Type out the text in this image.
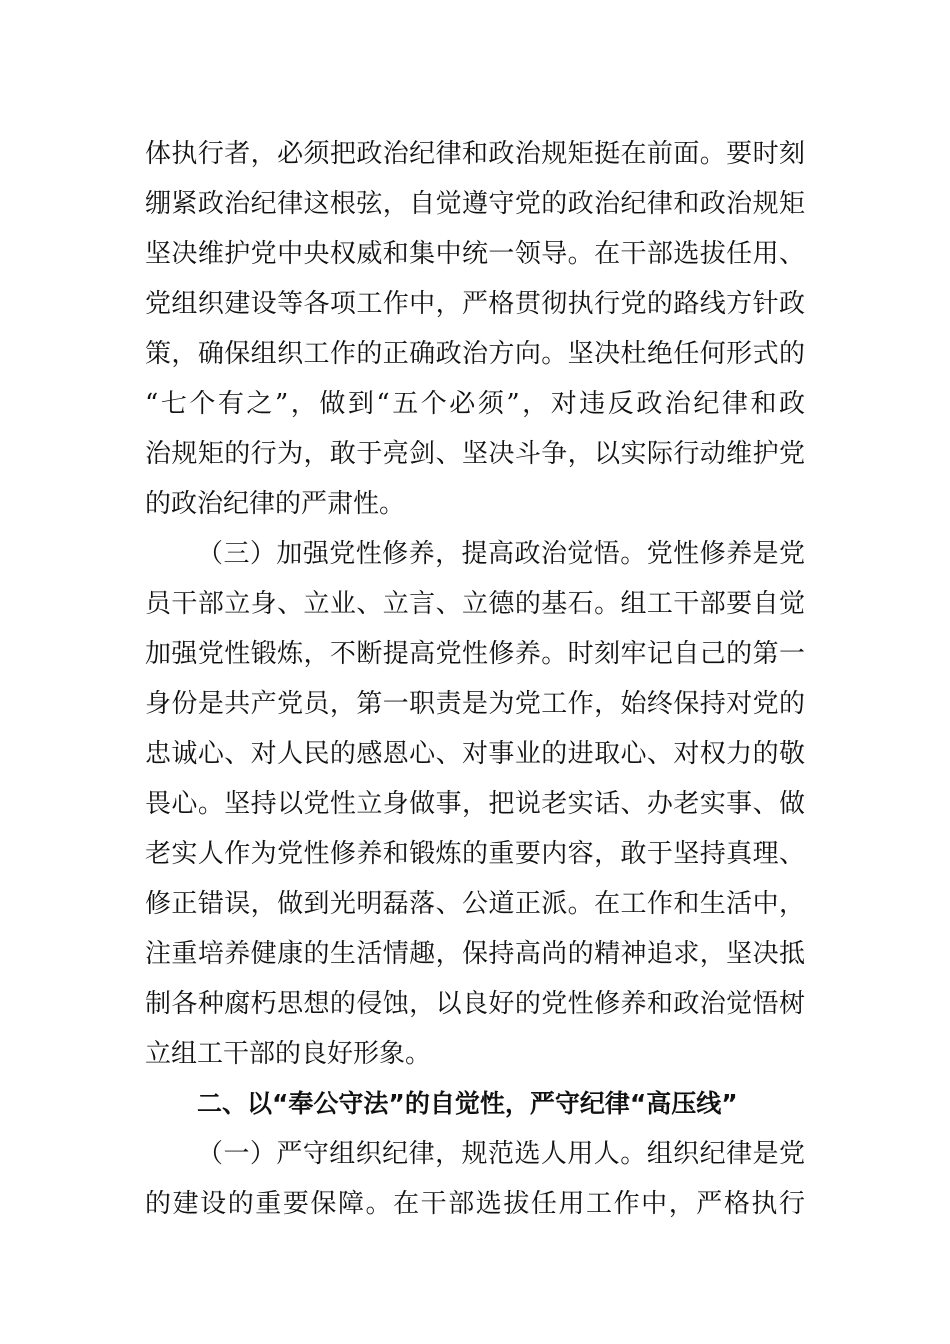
体执行者，必须把政治纪律和政治规矩挺在前面。要时刻
绷紧政治纪律这根弦，自觉遵守党的政治纪律和政治规矩
坚决维护党中央权威和集中统一领导。在干部选拔任用、
党组织建设等各项工作中，严格贯彻执行党的路线方针政
策，确保组织工作的正确政治方向。坚决杜绝任何形式的
“七个有之”，做到“五个必须”，对违反政治纪律和政
治规矩的行为，敢于亮剑、坚决斗争，以实际行动维护党
的政治纪律的严肃性。
（三）加强党性修养，提高政治觉悟。党性修养是党
员干部立身、立业、立言、立德的基石。组工干部要自觉
加强党性锻炼，不断提高党性修养。时刻牢记自己的第一
身份是共产党员，第一职责是为党工作，始终保持对党的
忠诚心、对人民的感恩心、对事业的进取心、对权力的敬
畏心。坚持以党性立身做事，把说老实话、办老实事、做
老实人作为党性修养和锻炼的重要内容，敢于坚持真理、
修正错误，做到光明磊落、公道正派。在工作和生活中，
注重培养健康的生活情趣，保持高尚的精神追求，坚决抵
制各种腐朽思想的侵蚀，以良好的党性修养和政治觉悟树
立组工干部的良好形象。
二、以“奉公守法”的自觉性，严守纪律“高压线”
（一）严守组织纪律，规范选人用人。组织纪律是党
的建设的重要保障。在干部选拔任用工作中，严格执行
